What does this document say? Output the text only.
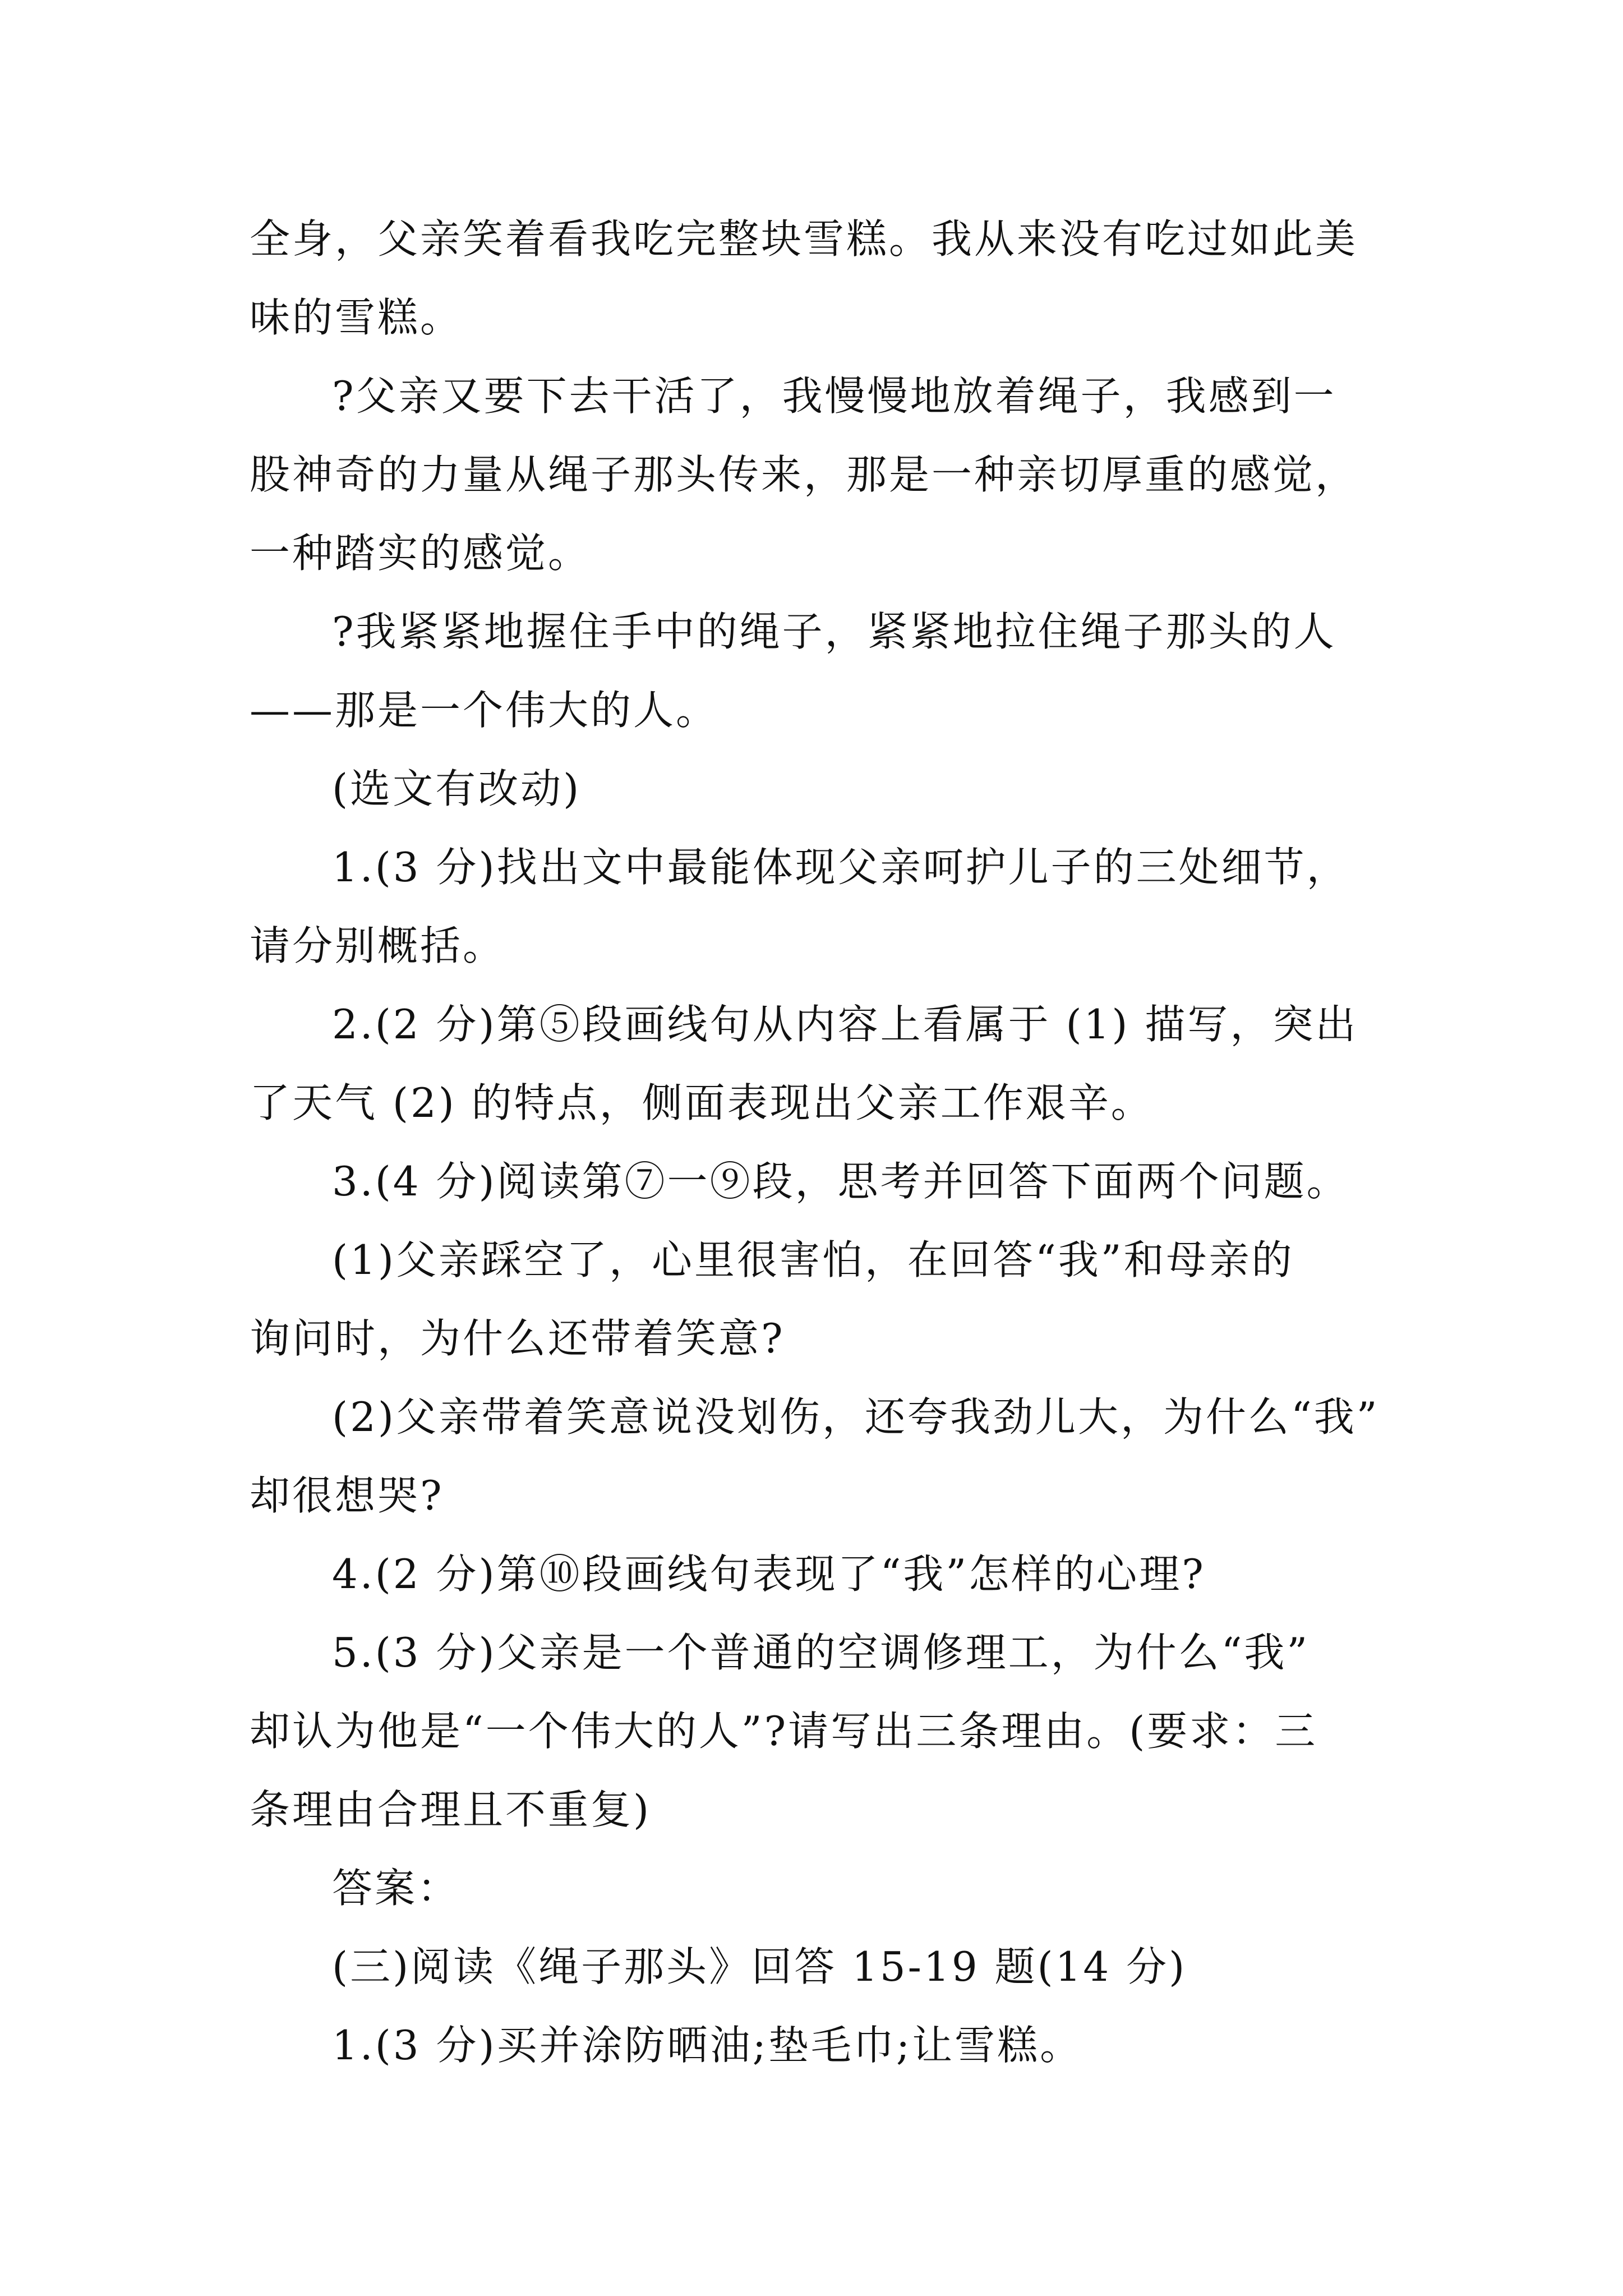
全身，父亲笑着看我吃完整块雪糕。我从来没有吃过如此美
味的雪糕。
?父亲又要下去干活了，我慢慢地放着绳子，我感到一
股神奇的力量从绳子那头传来，那是一种亲切厚重的感觉，
一种踏实的感觉。
?我紧紧地握住手中的绳子，紧紧地拉住绳子那头的人
——那是一个伟大的人。
(选文有改动)
1.(3 分)找出文中最能体现父亲呵护儿子的三处细节，
请分别概括。
2.(2 分)第⑤段画线句从内容上看属于 (1) 描写，突出
了天气 (2) 的特点，侧面表现出父亲工作艰辛。
3.(4 分)阅读第⑦一⑨段，思考并回答下面两个问题。
(1)父亲踩空了，心里很害怕，在回答“我”和母亲的
询问时，为什么还带着笑意?
(2)父亲带着笑意说没划伤，还夸我劲儿大，为什么“我”
却很想哭?
4.(2 分)第⑩段画线句表现了“我”怎样的心理?
5.(3 分)父亲是一个普通的空调修理工，为什么“我”
却认为他是“一个伟大的人”?请写出三条理由。(要求：三
条理由合理且不重复)
答案：
(三)阅读《绳子那头》回答 15-19 题(14 分)
1.(3 分)买并涂防晒油;垫毛巾;让雪糕。
